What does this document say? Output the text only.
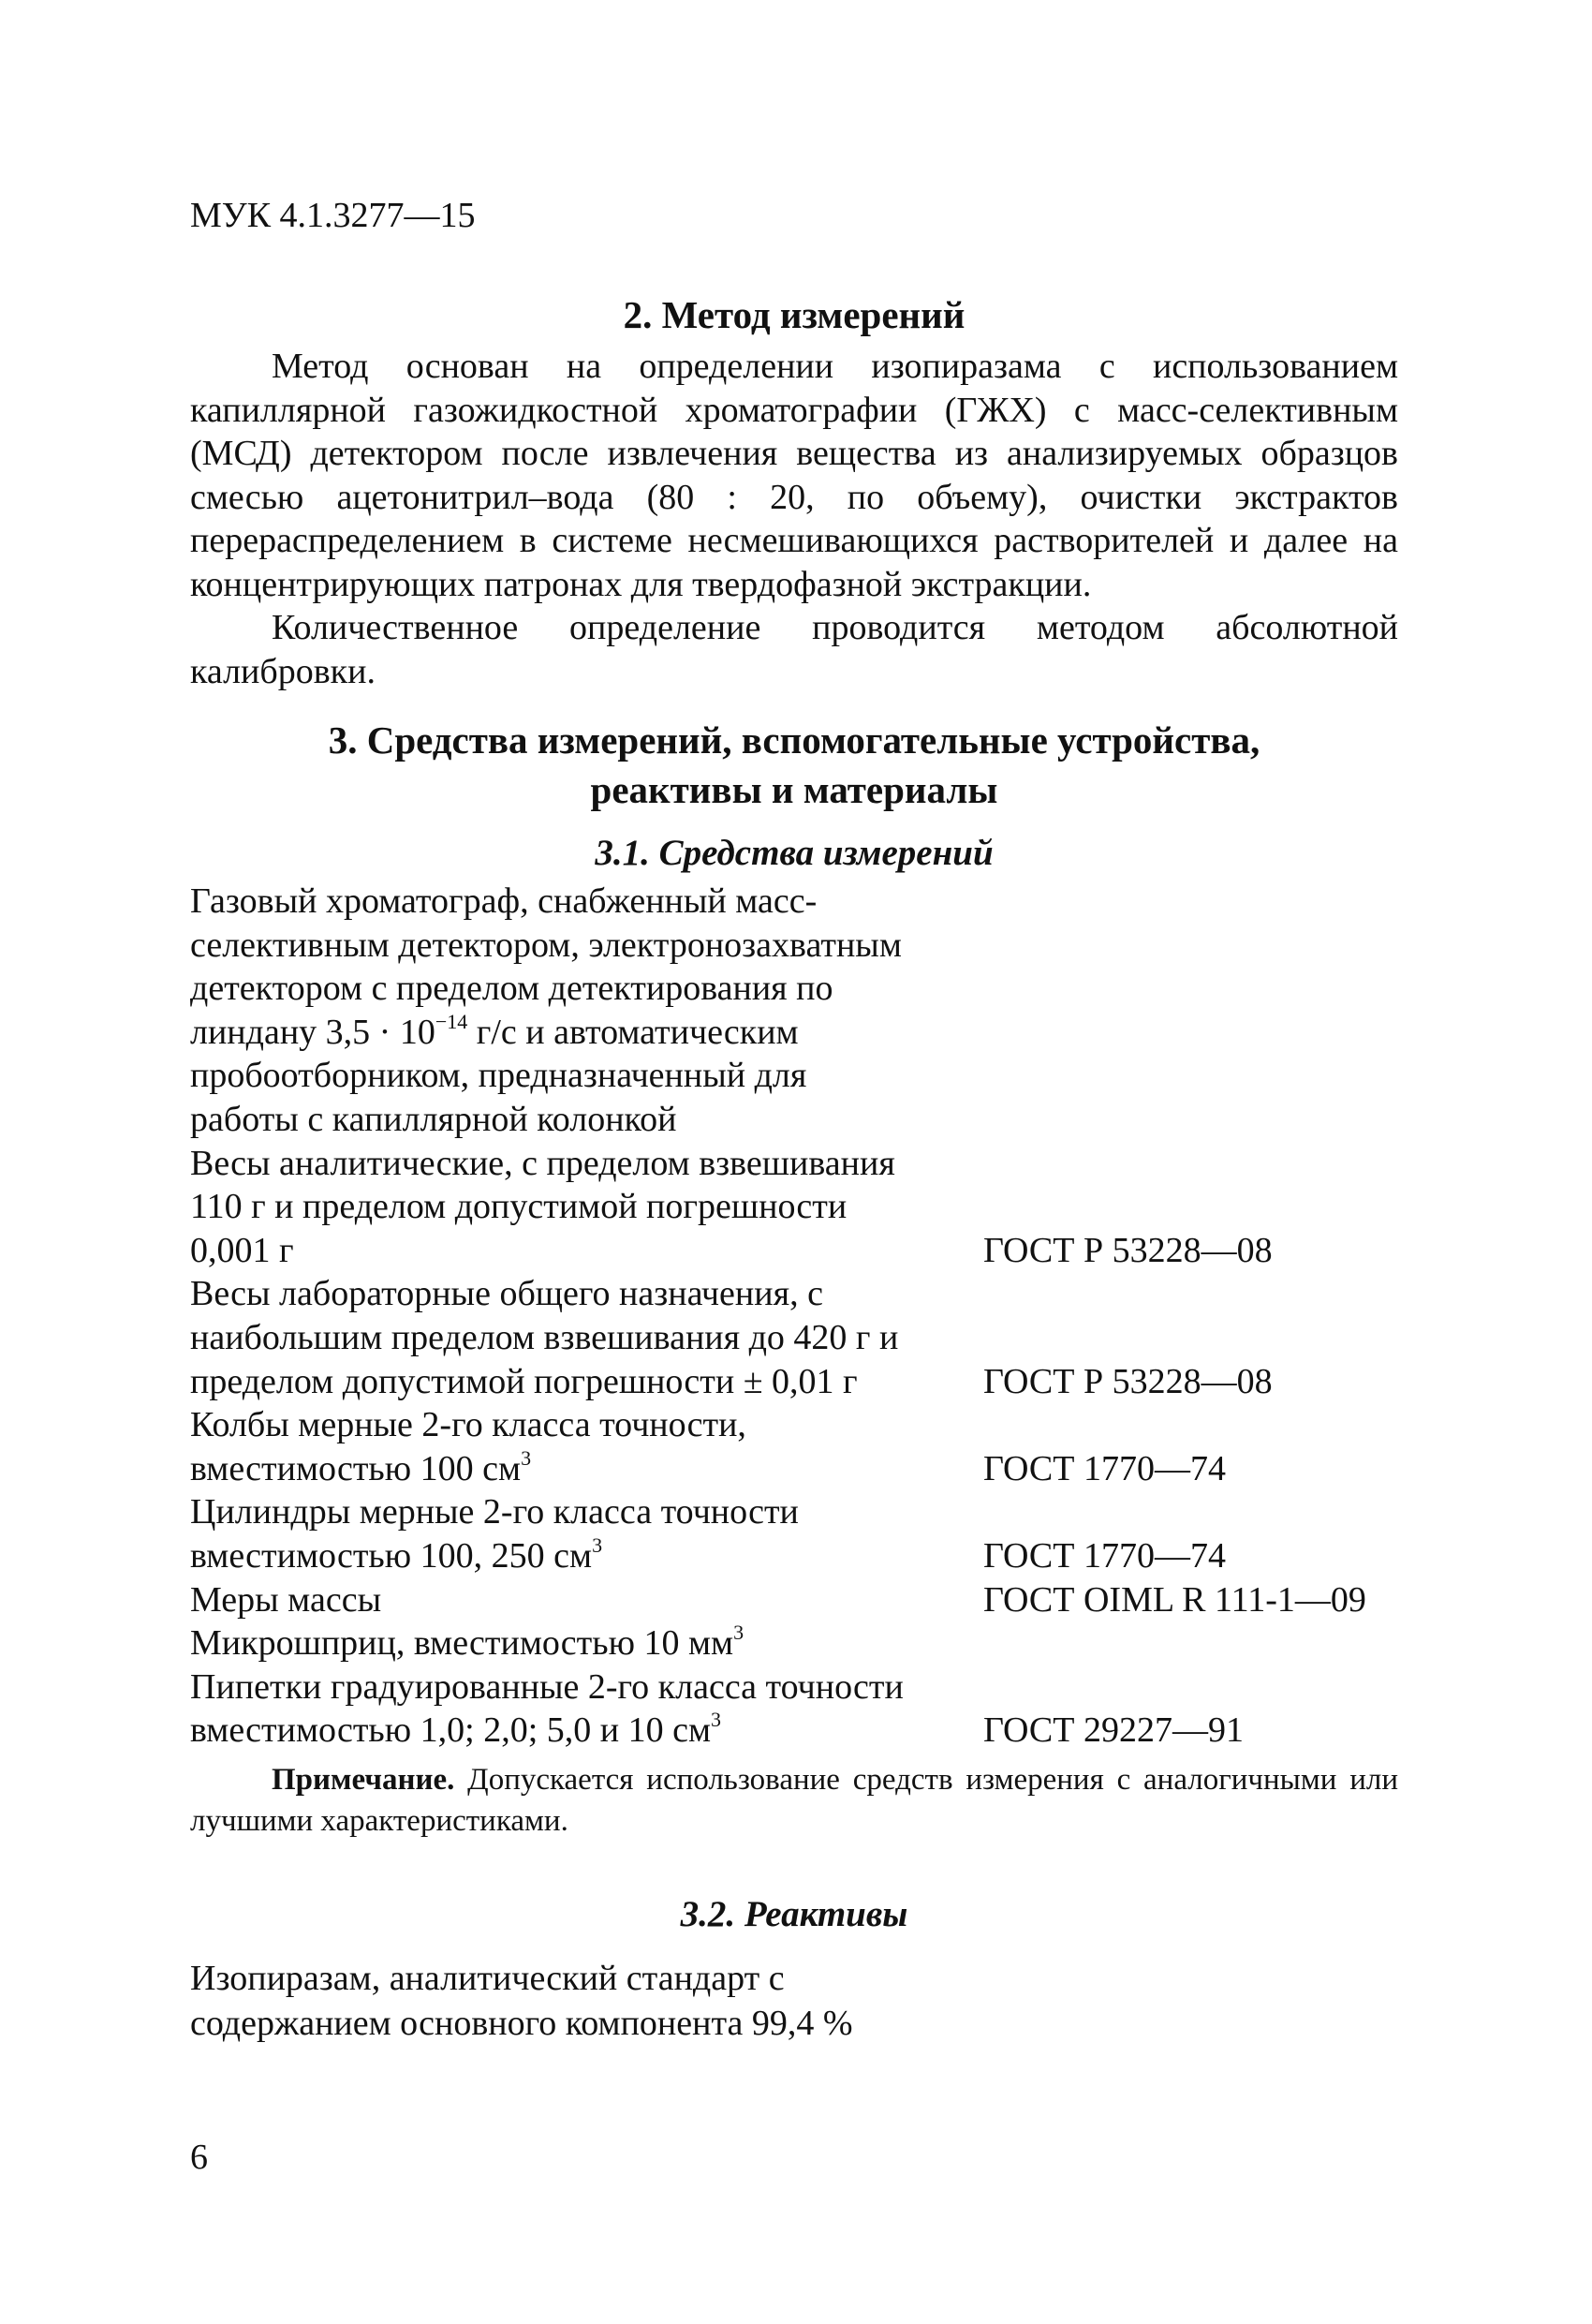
МУК 4.1.3277—15
2. Метод измерений
Метод основан на определении изопиразама с использованием капиллярной газожидкостной хроматографии (ГЖХ) с масс-селективным (МСД) детектором после извлечения вещества из анализируемых образцов смесью ацетонитрил–вода (80 : 20, по объему), очистки экстрактов перераспределением в системе несмешивающихся растворителей и далее на концентрирующих патронах для твердофазной экстракции.
Количественное определение проводится методом абсолютной калибровки.
3. Средства измерений, вспомогательные устройства,
реактивы и материалы
3.1. Средства измерений
Газовый хроматограф, снабженный масс-
селективным детектором, электронозахватным
детектором с пределом детектирования по
линдану $3,5 \cdot 10^{-14}$ г/с и автоматическим
пробоотборником, предназначенный для
работы с капиллярной колонкой
Весы аналитические, с пределом взвешивания
110 г и пределом допустимой погрешности
0,001 г	ГОСТ Р 53228—08
Весы лабораторные общего назначения, с
наибольшим пределом взвешивания до 420 г и
пределом допустимой погрешности ± 0,01 г	ГОСТ Р 53228—08
Колбы мерные 2-го класса точности,
вместимостью 100 $см^3$	ГОСТ 1770—74
Цилиндры мерные 2-го класса точности
вместимостью 100, 250 $см^3$	ГОСТ 1770—74
Меры массы	ГОСТ OIML R 111-1—09
Микрошприц, вместимостью 10 $мм^3$
Пипетки градуированные 2-го класса точности
вместимостью 1,0; 2,0; 5,0 и 10 $см^3$	ГОСТ 29227—91
Примечание. Допускается использование средств измерения с аналогичными или лучшими характеристиками.
3.2. Реактивы
Изопиразам, аналитический стандарт с
содержанием основного компонента 99,4 %
6
